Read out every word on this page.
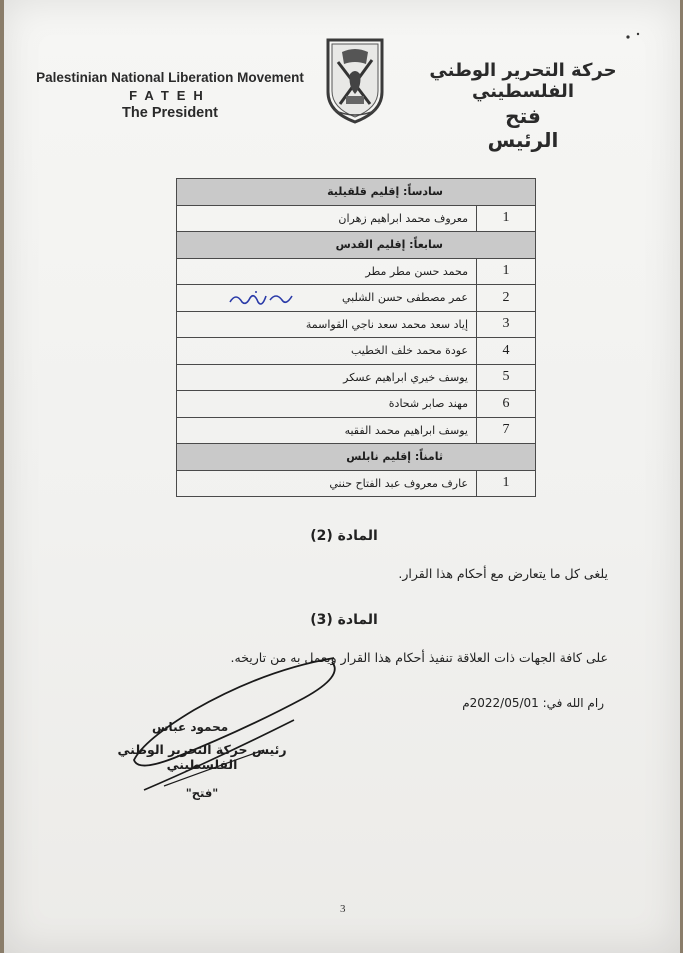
Palestinian National Liberation Movement
FATEH
The President
حركة التحرير الوطني الفلسطيني
فتح
الرئيس
سادساً: إقليم قلقيلية	
1	معروف محمد ابراهيم زهران
سابعاً: إقليم القدس	
1	محمد حسن مطر مطر
2	عمر مصطفى حسن الشلبي
3	إياد سعد محمد سعد ناجي القواسمة
4	عودة محمد خلف الخطيب
5	يوسف خيري ابراهيم عسكر
6	مهند صابر شحادة
7	يوسف ابراهيم محمد الفقيه
ثامناً: إقليم نابلس	
1	عارف معروف عبد الفتاح حنني
المادة (2)
يلغى كل ما يتعارض مع أحكام هذا القرار.
المادة (3)
على كافة الجهات ذات العلاقة تنفيذ أحكام هذا القرار ويعمل به من تاريخه.
رام الله في: 2022/05/01م
محمود عباس
رئيس حركة التحرير الوطني الفلسطيني
"فتح"
3
